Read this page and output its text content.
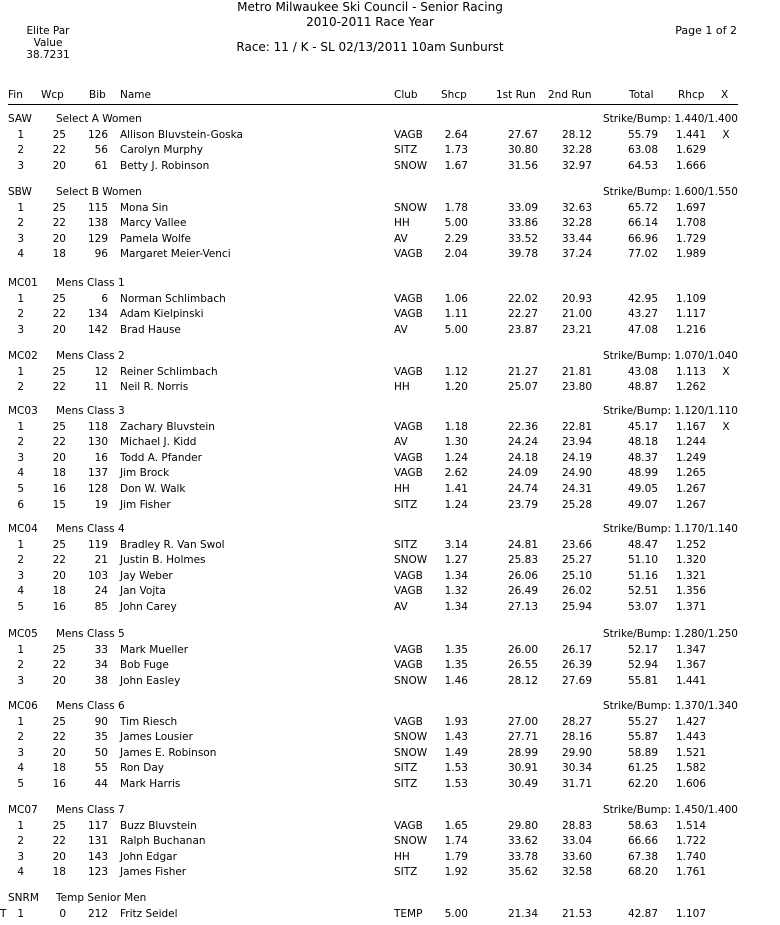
Metro Milwaukee Ski Council - Senior Racing
2010-2011 Race Year
Race: 11 / K - SL 02/13/2011 10am Sunburst
Elite Par
Value
38.7231
Page 1 of 2
Fin	Wcp Bib Name	Club Shcp	1st Run 2nd Run	Total Rhcp X
SAW Select A Women	Strike/Bump: 1.440/1.400
1	25	126 Allison Bluvstein-Goska	VAGB	2.64	27.67	28.12	55.79	1.441	X
2	22	56 Carolyn Murphy	SITZ	1.73	30.80	32.28	63.08	1.629
3	20	61 Betty J. Robinson	SNOW	1.67	31.56	32.97	64.53	1.666
SBW Select B Women	Strike/Bump: 1.600/1.550
1	25	115 Mona Sin	SNOW	1.78	33.09	32.63	65.72	1.697
2	22	138 Marcy Vallee	HH	5.00	33.86	32.28	66.14	1.708
3	20	129 Pamela Wolfe	AV	2.29	33.52	33.44	66.96	1.729
4	18	96 Margaret Meier-Venci	VAGB	2.04	39.78	37.24	77.02	1.989
MC01 Mens Class 1
1	25	6 Norman Schlimbach	VAGB	1.06	22.02	20.93	42.95	1.109
2	22	134 Adam Kielpinski	VAGB	1.11	22.27	21.00	43.27	1.117
3	20	142 Brad Hause	AV	5.00	23.87	23.21	47.08	1.216
MC02 Mens Class 2	Strike/Bump: 1.070/1.040
1	25	12 Reiner Schlimbach	VAGB	1.12	21.27	21.81	43.08	1.113	X
2	22	11 Neil R. Norris	HH	1.20	25.07	23.80	48.87	1.262
MC03 Mens Class 3	Strike/Bump: 1.120/1.110
1	25	118 Zachary Bluvstein	VAGB	1.18	22.36	22.81	45.17	1.167	X
2	22	130 Michael J. Kidd	AV	1.30	24.24	23.94	48.18	1.244
3	20	16 Todd A. Pfander	VAGB	1.24	24.18	24.19	48.37	1.249
4	18	137 Jim Brock	VAGB	2.62	24.09	24.90	48.99	1.265
5	16	128 Don W. Walk	HH	1.41	24.74	24.31	49.05	1.267
6	15	19 Jim Fisher	SITZ	1.24	23.79	25.28	49.07	1.267
MC04 Mens Class 4	Strike/Bump: 1.170/1.140
1	25	119 Bradley R. Van Swol	SITZ	3.14	24.81	23.66	48.47	1.252
2	22	21 Justin B. Holmes	SNOW	1.27	25.83	25.27	51.10	1.320
3	20	103 Jay Weber	VAGB	1.34	26.06	25.10	51.16	1.321
4	18	24 Jan Vojta	VAGB	1.32	26.49	26.02	52.51	1.356
5	16	85 John Carey	AV	1.34	27.13	25.94	53.07	1.371
MC05 Mens Class 5	Strike/Bump: 1.280/1.250
1	25	33 Mark Mueller	VAGB	1.35	26.00	26.17	52.17	1.347
2	22	34 Bob Fuge	VAGB	1.35	26.55	26.39	52.94	1.367
3	20	38 John Easley	SNOW	1.46	28.12	27.69	55.81	1.441
MC06 Mens Class 6	Strike/Bump: 1.370/1.340
1	25	90 Tim Riesch	VAGB	1.93	27.00	28.27	55.27	1.427
2	22	35 James Lousier	SNOW	1.43	27.71	28.16	55.87	1.443
3	20	50 James E. Robinson	SNOW	1.49	28.99	29.90	58.89	1.521
4	18	55 Ron Day	SITZ	1.53	30.91	30.34	61.25	1.582
5	16	44 Mark Harris	SITZ	1.53	30.49	31.71	62.20	1.606
MC07 Mens Class 7	Strike/Bump: 1.450/1.400
1	25	117 Buzz Bluvstein	VAGB	1.65	29.80	28.83	58.63	1.514
2	22	131 Ralph Buchanan	SNOW	1.74	33.62	33.04	66.66	1.722
3	20	143 John Edgar	HH	1.79	33.78	33.60	67.38	1.740
4	18	123 James Fisher	SITZ	1.92	35.62	32.58	68.20	1.761
SNRM Temp Senior Men
T	1	0	212 Fritz Seidel	TEMP	5.00	21.34	21.53	42.87	1.107
